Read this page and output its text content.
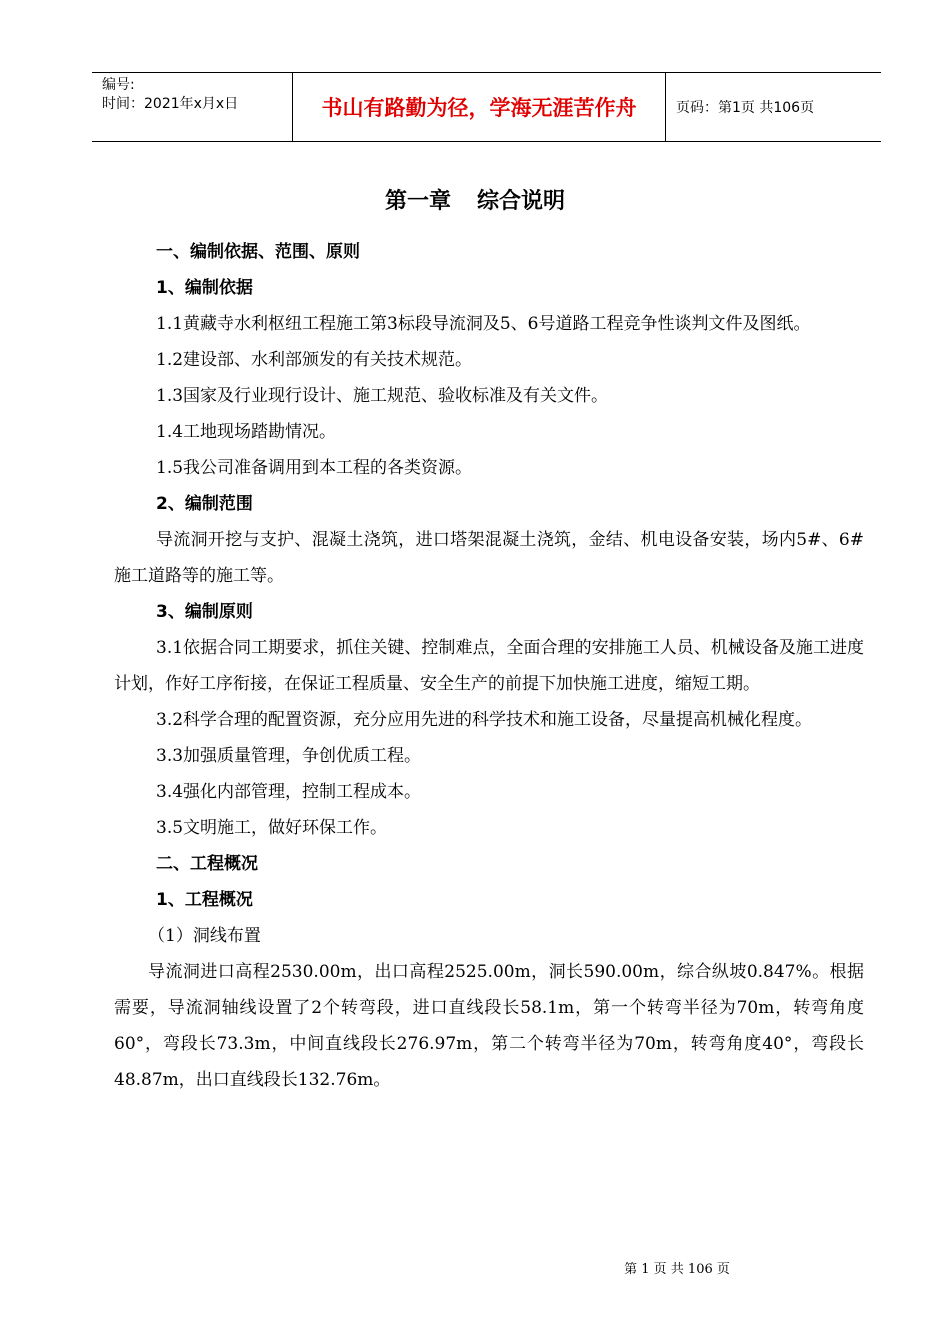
编号:
时间：2021年x月x日	书山有路勤为径，学海无涯苦作舟	页码：第1页 共106页
第一章 综合说明

一、编制依据、范围、原则

1、编制依据

1.1黄藏寺水利枢纽工程施工第3标段导流洞及5、6号道路工程竞争性谈判文件及图纸。

1.2建设部、水利部颁发的有关技术规范。

1.3国家及行业现行设计、施工规范、验收标准及有关文件。

1.4工地现场踏勘情况。

1.5我公司准备调用到本工程的各类资源。

2、编制范围

导流洞开挖与支护、混凝土浇筑，进口塔架混凝土浇筑，金结、机电设备安装，场内5#、6#施工道路等的施工等。

3、编制原则

3.1依据合同工期要求，抓住关键、控制难点，全面合理的安排施工人员、机械设备及施工进度计划，作好工序衔接，在保证工程质量、安全生产的前提下加快施工进度，缩短工期。

3.2科学合理的配置资源，充分应用先进的科学技术和施工设备，尽量提高机械化程度。

3.3加强质量管理，争创优质工程。

3.4强化内部管理，控制工程成本。

3.5文明施工，做好环保工作。

二、工程概况

1、工程概况

（1）洞线布置

导流洞进口高程2530.00m，出口高程2525.00m，洞长590.00m，综合纵坡0.847%。根据需要，导流洞轴线设置了2个转弯段，进口直线段长58.1m，第一个转弯半径为70m，转弯角度60°，弯段长73.3m，中间直线段长276.97m，第二个转弯半径为70m，转弯角度40°，弯段长48.87m，出口直线段长132.76m。

第 1 页 共 106 页
